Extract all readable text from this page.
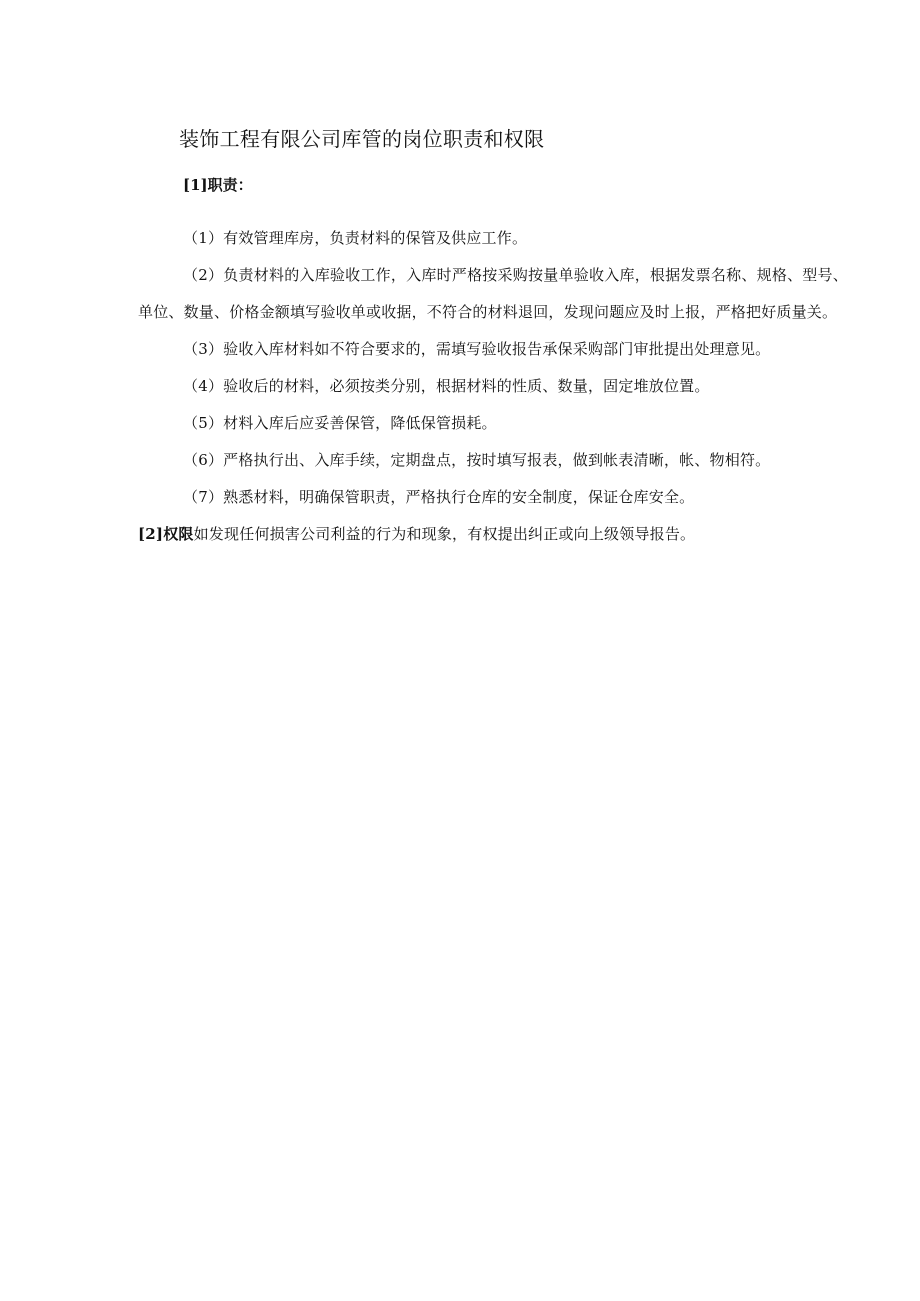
装饰工程有限公司库管的岗位职责和权限
[1]职责：

（1）有效管理库房，负责材料的保管及供应工作。

（2）负责材料的入库验收工作，入库时严格按采购按量单验收入库，根据发票名称、规格、型号、单位、数量、价格金额填写验收单或收据，不符合的材料退回，发现问题应及时上报，严格把好质量关。

（3）验收入库材料如不符合要求的，需填写验收报告承保采购部门审批提出处理意见。

（4）验收后的材料，必须按类分别，根据材料的性质、数量，固定堆放位置。

（5）材料入库后应妥善保管，降低保管损耗。

（6）严格执行出、入库手续，定期盘点，按时填写报表，做到帐表清晰，帐、物相符。

（7）熟悉材料，明确保管职责，严格执行仓库的安全制度，保证仓库安全。

[2]权限如发现任何损害公司利益的行为和现象，有权提出纠正或向上级领导报告。
